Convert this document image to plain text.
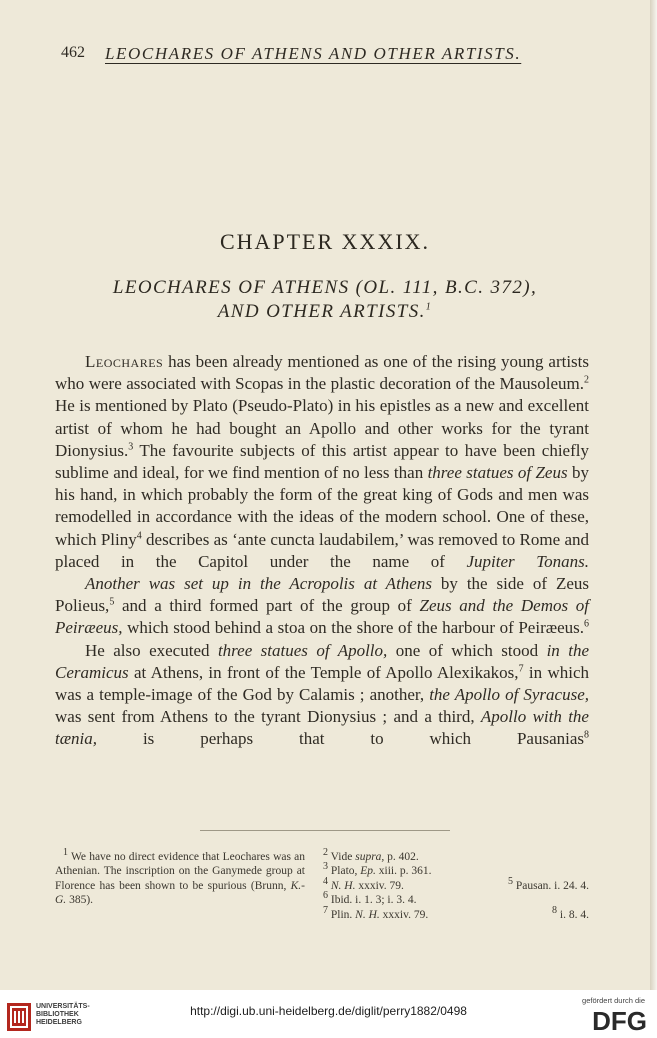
462 LEOCHARES OF ATHENS AND OTHER ARTISTS.
CHAPTER XXXIX.
LEOCHARES OF ATHENS (OL. 111, B.C. 372),
AND OTHER ARTISTS.$^1$

Leochares has been already mentioned as one of the rising young artists who were associated with Scopas in the plastic decoration of the Mausoleum.$^2$ He is mentioned by Plato (Pseudo-Plato) in his epistles as a new and excellent artist of whom he had bought an Apollo and other works for the tyrant Dionysius.$^3$ The favourite subjects of this artist appear to have been chiefly sublime and ideal, for we find mention of no less than three statues of Zeus by his hand, in which probably the form of the great king of Gods and men was remodelled in accordance with the ideas of the modern school. One of these, which Pliny$^4$ describes as ‘ante cuncta laudabilem,’ was removed to Rome and placed in the Capitol under the name of Jupiter Tonans.

Another was set up in the Acropolis at Athens by the side of Zeus Polieus,$^5$ and a third formed part of the group of Zeus and the Demos of Peiræeus, which stood behind a stoa on the shore of the harbour of Peiræeus.$^6$

He also executed three statues of Apollo, one of which stood in the Ceramicus at Athens, in front of the Temple of Apollo Alexikakos,$^7$ in which was a temple-image of the God by Calamis ; another, the Apollo of Syracuse, was sent from Athens to the tyrant Dionysius ; and a third, Apollo with the tænia, is perhaps that to which Pausanias$^8$

$^1$ We have no direct evidence that Leochares was an Athenian. The inscription on the Ganymede group at Florence has been shown to be spurious (Brunn, K.-G. 385).

$^2$ Vide supra, p. 402.
$^3$ Plato, Ep. xiii. p. 361.
$^4$ N. H. xxxiv. 79.	$^5$ Pausan. i. 24. 4.
$^6$ Ibid. i. 1. 3; i. 3. 4.
$^7$ Plin. N. H. xxxiv. 79.	$^8$ i. 8. 4.
UNIVERSITÄTS-
BIBLIOTHEK
HEIDELBERG
http://digi.ub.uni-heidelberg.de/diglit/perry1882/0498
gefördert durch die
DFG
